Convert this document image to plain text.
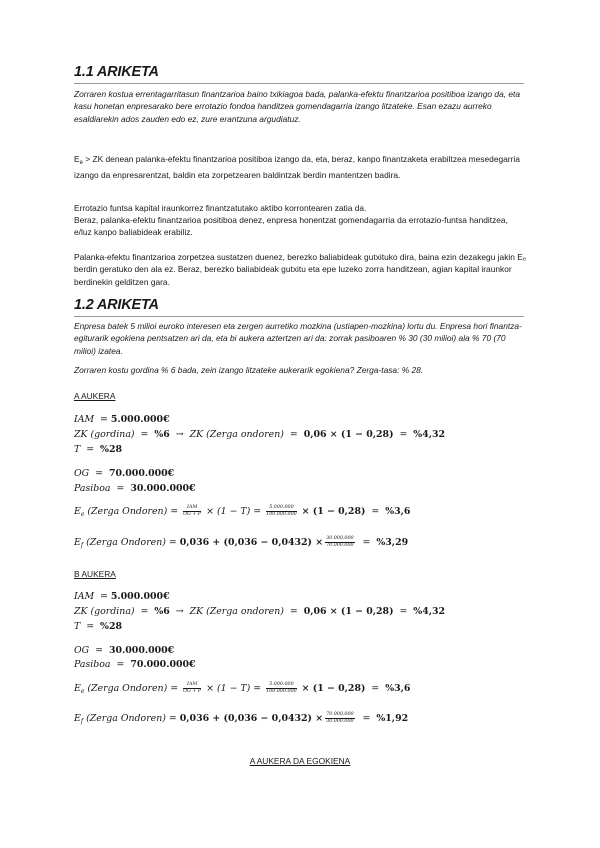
1.1 ARIKETA

Zorraren kostua errentagarritasun finantzarioa baino txikiagoa bada, palanka-efektu finantzarioa positiboa izango da, eta kasu honetan enpresarako bere errotazio fondoa handitzea gomendagarria izango litzateke. Esan ezazu aurreko esaldiarekin ados zauden edo ez, zure erantzuna argudiatuz.

$E_e$ > ZK denean palanka-efektu finantzarioa positiboa izango da, eta, beraz, kanpo finantzaketa erabiltzea mesedegarria izango da enpresarentzat, baldin eta zorpetzearen baldintzak berdin mantentzen badira.

Errotazio funtsa kapital iraunkorrez finantzatutako aktibo korrontearen zatia da.

Beraz, palanka-efektu finantzarioa positiboa denez, enpresa honentzat gomendagarria da errotazio-funtsa handitzea, e/luz kanpo baliabideak erabiliz.

Palanka-efektu finantzarioa zorpetzea sustatzen duenez, berezko baliabideak gutxituko dira, baina ezin dezakegu jakin Eₑ berdin geratuko den ala ez. Beraz, berezko baliabideak gutxitu eta epe luzeko zorra handitzean, agian kapital iraunkor berdinekin gelditzen gara.

1.2 ARIKETA

Enpresa batek 5 milioi euroko interesen eta zergen aurretiko mozkina (ustiapen-mozkina) lortu du. Enpresa hori finantza-egiturarik egokiena pentsatzen ari da, eta bi aukera aztertzen ari da: zorrak pasiboaren % 30 (30 milioi) ala % 70 (70 milioi) izatea.

Zorraren kostu gordina % 6 bada, zein izango litzateke aukerarik egokiena? Zerga-tasa: % 28.

A AUKERA
IAM  = 5.000.000€
ZK (gordina)  =  %6  →  ZK (Zerga ondoren)  =  0,06 × (1 − 0,28)  =  %4,32
T  =  %28
OG  =  70.000.000€
Pasiboa  =  30.000.000€
$E_e$ (Zerga Ondoren) = $\frac{\text{IAM}}{OG + P} \times (1 - T) = \frac{5.000.000}{100.000.000} \times (1 - 0,28) = \%3,6$
$E_f$ (Zerga Ondoren) = $0,036 + (0,036 - 0,0432) \times \frac{30.000.000}{70.000.000} = \%3,29$
B AUKERA
IAM  = 5.000.000€
ZK (gordina)  =  %6  →  ZK (Zerga ondoren)  =  0,06 × (1 − 0,28)  =  %4,32
T  =  %28
OG  =  30.000.000€
Pasiboa  =  70.000.000€
$E_e$ (Zerga Ondoren) = $\frac{\text{IAM}}{OG + P} \times (1 - T) = \frac{5.000.000}{100.000.000} \times (1 - 0,28) = \%3,6$
$E_f$ (Zerga Ondoren) = $0,036 + (0,036 - 0,0432) \times \frac{70.000.000}{30.000.000} = \%1,92$
A AUKERA DA EGOKIENA
